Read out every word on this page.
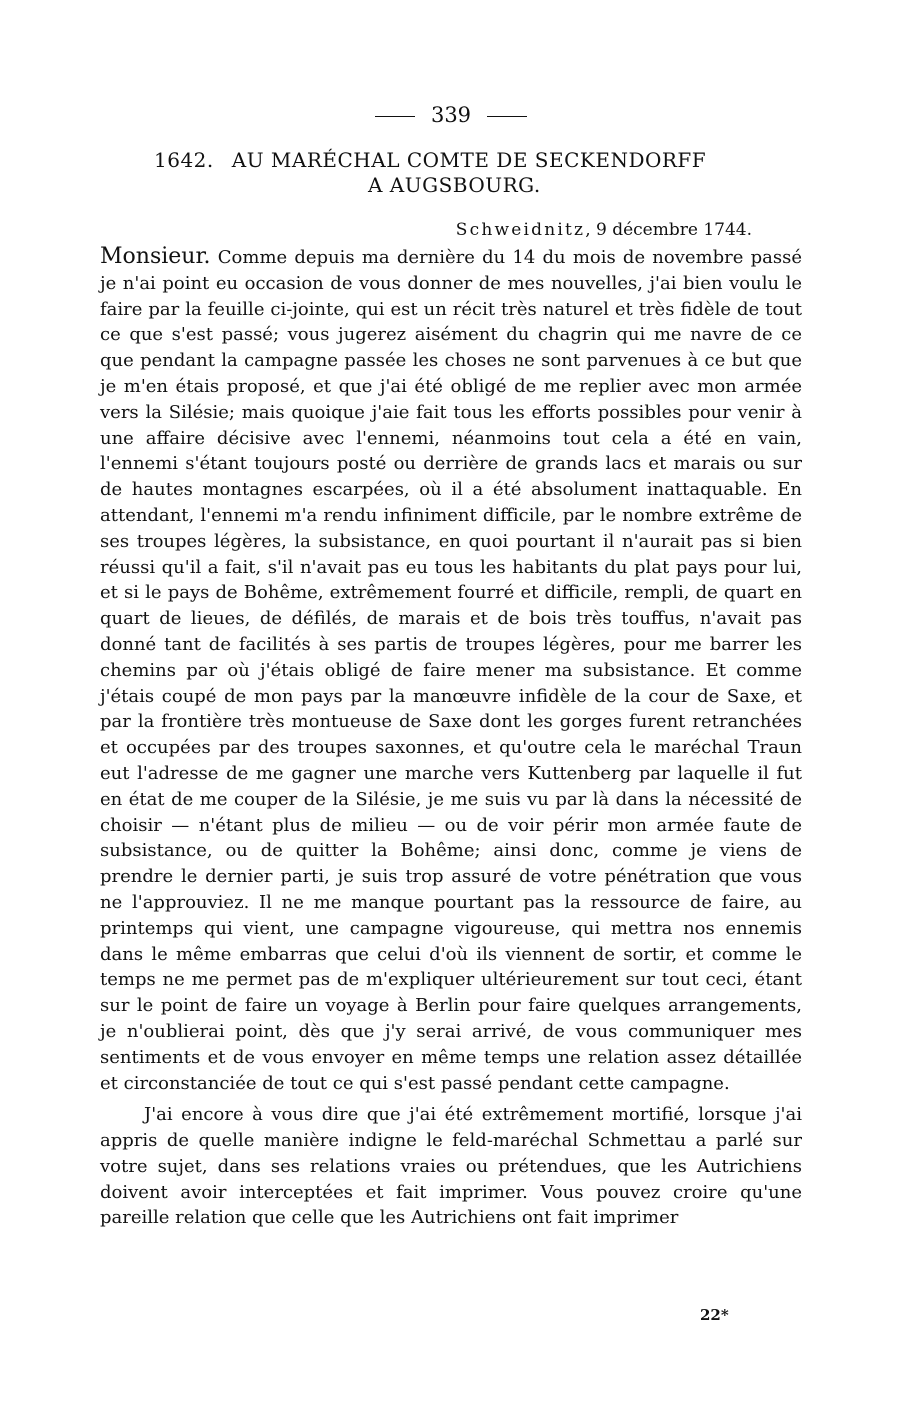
339

1642. AU MARÉCHAL COMTE DE SECKENDORFF
A AUGSBOURG.

Schweidnitz, 9 décembre 1744.

Monsieur. Comme depuis ma dernière du 14 du mois de novembre passé je n'ai point eu occasion de vous donner de mes nouvelles, j'ai bien voulu le faire par la feuille ci-jointe, qui est un récit très naturel et très fidèle de tout ce que s'est passé; vous jugerez aisément du chagrin qui me navre de ce que pendant la campagne passée les choses ne sont parvenues à ce but que je m'en étais proposé, et que j'ai été obligé de me replier avec mon armée vers la Silésie; mais quoique j'aie fait tous les efforts possibles pour venir à une affaire décisive avec l'ennemi, néanmoins tout cela a été en vain, l'ennemi s'étant toujours posté ou derrière de grands lacs et marais ou sur de hautes montagnes escarpées, où il a été absolument inattaquable. En attendant, l'ennemi m'a rendu infiniment difficile, par le nombre extrême de ses troupes légères, la subsistance, en quoi pourtant il n'aurait pas si bien réussi qu'il a fait, s'il n'avait pas eu tous les habitants du plat pays pour lui, et si le pays de Bohême, extrêmement fourré et difficile, rempli, de quart en quart de lieues, de défilés, de marais et de bois très touffus, n'avait pas donné tant de facilités à ses partis de troupes légères, pour me barrer les chemins par où j'étais obligé de faire mener ma subsistance. Et comme j'étais coupé de mon pays par la manœuvre infidèle de la cour de Saxe, et par la frontière très montueuse de Saxe dont les gorges furent retranchées et occupées par des troupes saxonnes, et qu'outre cela le maréchal Traun eut l'adresse de me gagner une marche vers Kuttenberg par laquelle il fut en état de me couper de la Silésie, je me suis vu par là dans la nécessité de choisir — n'étant plus de milieu — ou de voir périr mon armée faute de subsistance, ou de quitter la Bohême; ainsi donc, comme je viens de prendre le dernier parti, je suis trop assuré de votre pénétration que vous ne l'approuviez. Il ne me manque pourtant pas la ressource de faire, au printemps qui vient, une campagne vigoureuse, qui mettra nos ennemis dans le même embarras que celui d'où ils viennent de sortir, et comme le temps ne me permet pas de m'expliquer ultérieurement sur tout ceci, étant sur le point de faire un voyage à Berlin pour faire quelques arrangements, je n'oublierai point, dès que j'y serai arrivé, de vous communiquer mes sentiments et de vous envoyer en même temps une relation assez détaillée et circonstanciée de tout ce qui s'est passé pendant cette campagne.

J'ai encore à vous dire que j'ai été extrêmement mortifié, lorsque j'ai appris de quelle manière indigne le feld-maréchal Schmettau a parlé sur votre sujet, dans ses relations vraies ou prétendues, que les Autrichiens doivent avoir interceptées et fait imprimer. Vous pouvez croire qu'une pareille relation que celle que les Autrichiens ont fait imprimer

22*
